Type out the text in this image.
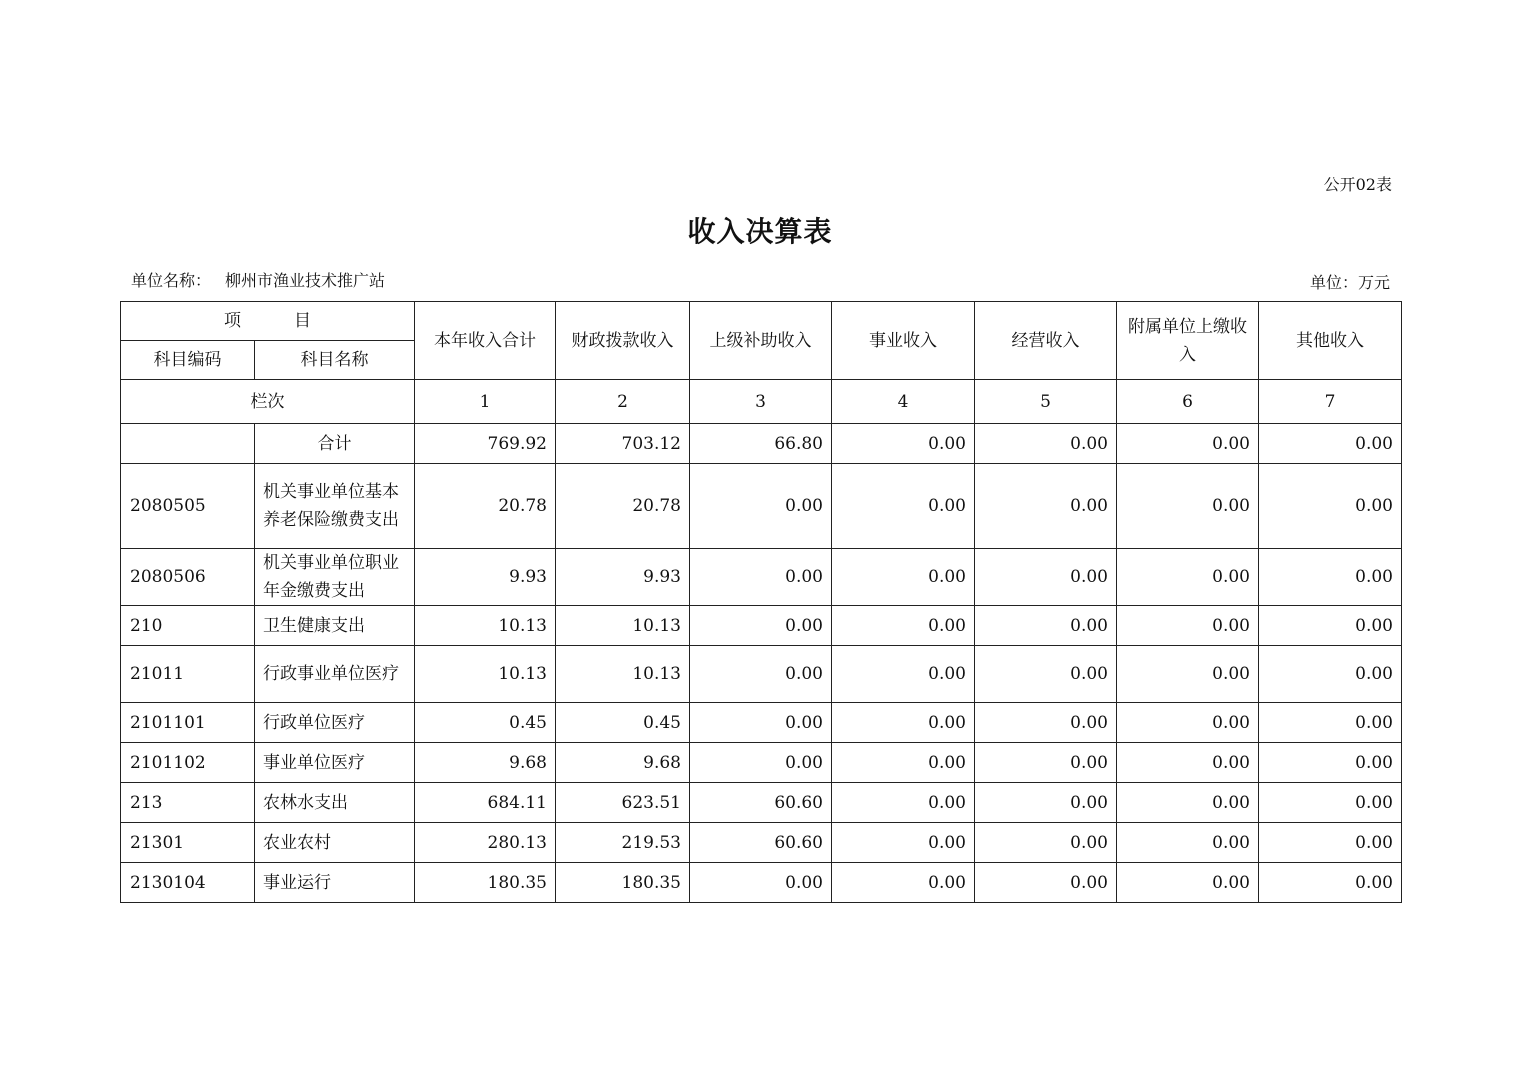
公开02表
收入决算表
单位名称： 柳州市渔业技术推广站	单位：万元
项　目		本年收入合计	财政拨款收入	上级补助收入	事业收入	经营收入	附属单位上缴收入	其他收入
科目编码	科目名称							
栏次		1	2	3	4	5	6	7
	合计	769.92	703.12	66.80	0.00	0.00	0.00	0.00
2080505	机关事业单位基本养老保险缴费支出	20.78	20.78	0.00	0.00	0.00	0.00	0.00
2080506	机关事业单位职业年金缴费支出	9.93	9.93	0.00	0.00	0.00	0.00	0.00
210	卫生健康支出	10.13	10.13	0.00	0.00	0.00	0.00	0.00
21011	行政事业单位医疗	10.13	10.13	0.00	0.00	0.00	0.00	0.00
2101101	行政单位医疗	0.45	0.45	0.00	0.00	0.00	0.00	0.00
2101102	事业单位医疗	9.68	9.68	0.00	0.00	0.00	0.00	0.00
213	农林水支出	684.11	623.51	60.60	0.00	0.00	0.00	0.00
21301	农业农村	280.13	219.53	60.60	0.00	0.00	0.00	0.00
2130104	事业运行	180.35	180.35	0.00	0.00	0.00	0.00	0.00
